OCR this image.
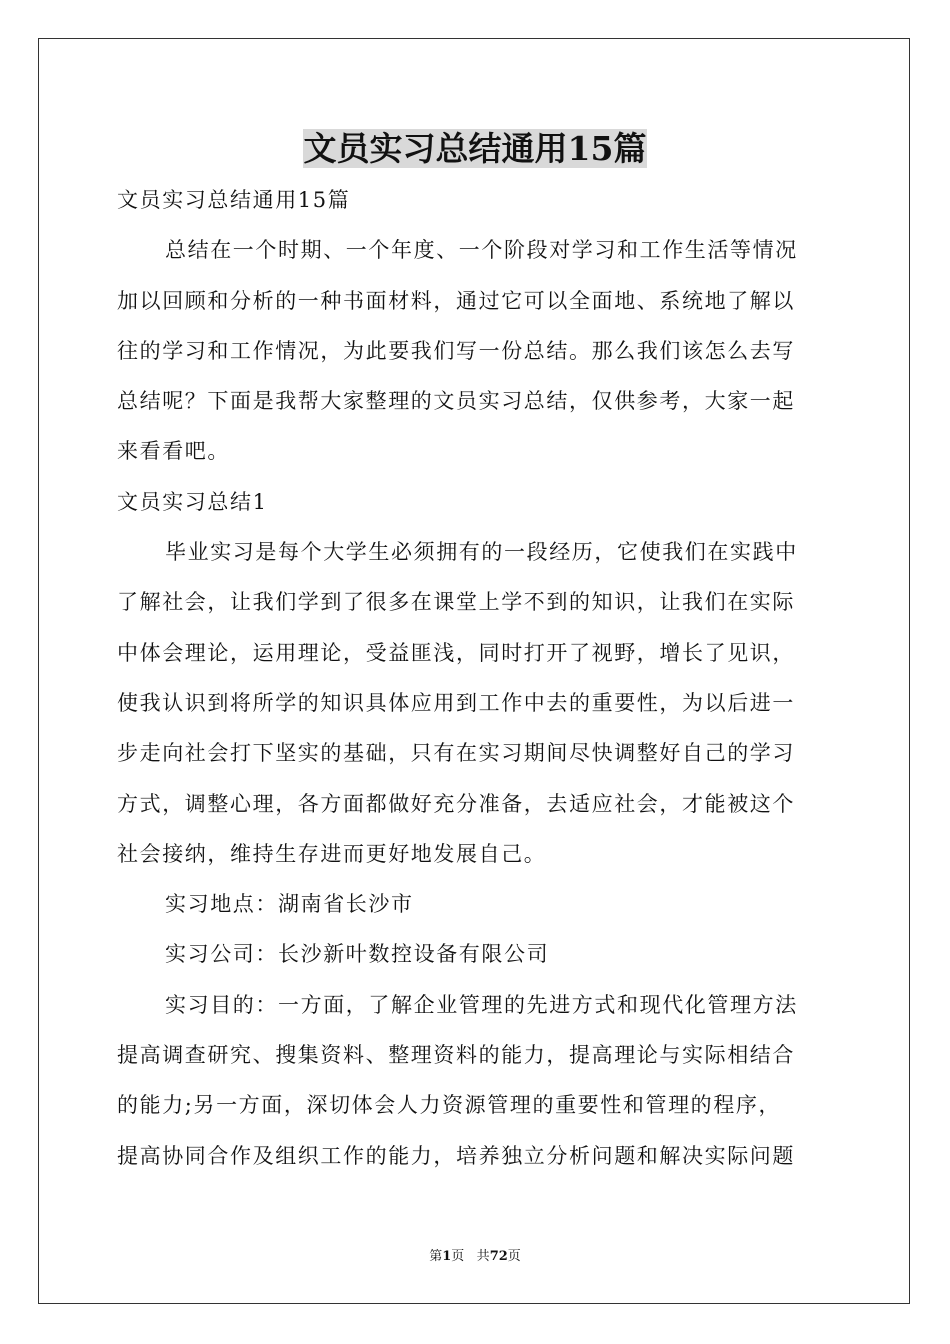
文员实习总结通用15篇
文员实习总结通用15篇
总结在一个时期、一个年度、一个阶段对学习和工作生活等情况
加以回顾和分析的一种书面材料，通过它可以全面地、系统地了解以
往的学习和工作情况，为此要我们写一份总结。那么我们该怎么去写
总结呢？下面是我帮大家整理的文员实习总结，仅供参考，大家一起
来看看吧。
文员实习总结1
毕业实习是每个大学生必须拥有的一段经历，它使我们在实践中
了解社会，让我们学到了很多在课堂上学不到的知识，让我们在实际
中体会理论，运用理论，受益匪浅，同时打开了视野，增长了见识，
使我认识到将所学的知识具体应用到工作中去的重要性，为以后进一
步走向社会打下坚实的基础，只有在实习期间尽快调整好自己的学习
方式，调整心理，各方面都做好充分准备，去适应社会，才能被这个
社会接纳，维持生存进而更好地发展自己。
实习地点：湖南省长沙市
实习公司：长沙新叶数控设备有限公司
实习目的：一方面，了解企业管理的先进方式和现代化管理方法
提高调查研究、搜集资料、整理资料的能力，提高理论与实际相结合
的能力;另一方面，深切体会人力资源管理的重要性和管理的程序，
提高协同合作及组织工作的能力，培养独立分析问题和解决实际问题
第1页 共72页
